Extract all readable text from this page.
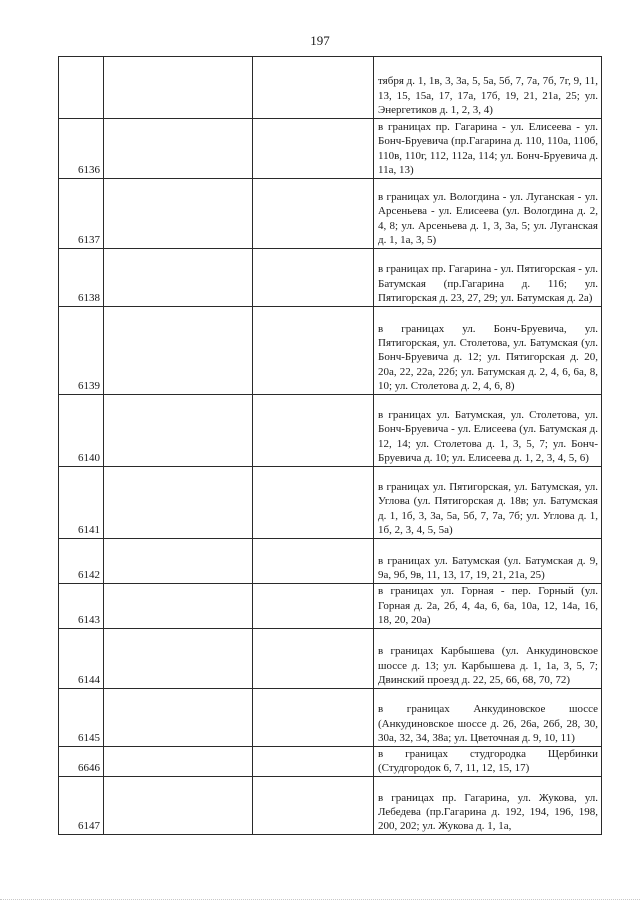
197

			тября д. 1, 1в, 3, 3а, 5, 5а, 5б, 7, 7а, 7б, 7г, 9, 11, 13, 15, 15а, 17, 17а, 17б, 19, 21, 21а, 25; ул. Энергетиков д. 1, 2, 3, 4)

6136			в границах пр. Гагарина - ул. Елисеева - ул. Бонч-Бруевича (пр.Гагарина д. 110, 110а, 110б, 110в, 110г, 112, 112а, 114; ул. Бонч-Бруевича д. 11а, 13)

6137			в границах ул. Вологдина - ул. Луганская - ул. Арсеньева - ул. Елисеева (ул. Вологдина д. 2, 4, 8; ул. Арсеньева д. 1, 3, 3а, 5; ул. Луганская д. 1, 1а, 3, 5)

6138			в границах пр. Гагарина - ул. Пятигорская - ул. Батумская (пр.Гагарина д. 116; ул. Пятигорская д. 23, 27, 29; ул. Батумская д. 2а)

6139			в границах ул. Бонч-Бруевича, ул. Пятигорская, ул. Столетова, ул. Батумская (ул. Бонч-Бруевича д. 12; ул. Пятигорская д. 20, 20а, 22, 22а, 22б; ул. Батумская д. 2, 4, 6, 6а, 8, 10; ул. Столетова д. 2, 4, 6, 8)

6140			в границах ул. Батумская, ул. Столетова, ул. Бонч-Бруевича - ул. Елисеева (ул. Батумская д. 12, 14; ул. Столетова д. 1, 3, 5, 7; ул. Бонч-Бруевича д. 10; ул. Елисеева д. 1, 2, 3, 4, 5, 6)

6141			в границах ул. Пятигорская, ул. Батумская, ул. Углова (ул. Пятигорская д. 18в; ул. Батумская д. 1, 1б, 3, 3а, 5а, 5б, 7, 7а, 7б; ул. Углова д. 1, 1б, 2, 3, 4, 5, 5а)

6142			в границах ул. Батумская (ул. Батумская д. 9, 9а, 9б, 9в, 11, 13, 17, 19, 21, 21а, 25)

6143			в границах ул. Горная - пер. Горный (ул. Горная д. 2а, 2б, 4, 4а, 6, 6а, 10а, 12, 14а, 16, 18, 20, 20а)

6144			в границах Карбышева (ул. Анкудиновское шоссе д. 13; ул. Карбышева д. 1, 1а, 3, 5, 7; Двинский проезд д. 22, 25, 66, 68, 70, 72)

6145			в границах Анкудиновское шоссе (Анкудиновское шоссе д. 26, 26а, 26б, 28, 30, 30а, 32, 34, 38а; ул. Цветочная д. 9, 10, 11)

6646			в границах студгородка Щербинки (Студгородок 6, 7, 11, 12, 15, 17)

6147			в границах пр. Гагарина, ул. Жукова, ул. Лебедева (пр.Гагарина д. 192, 194, 196, 198, 200, 202; ул. Жукова д. 1, 1а,
